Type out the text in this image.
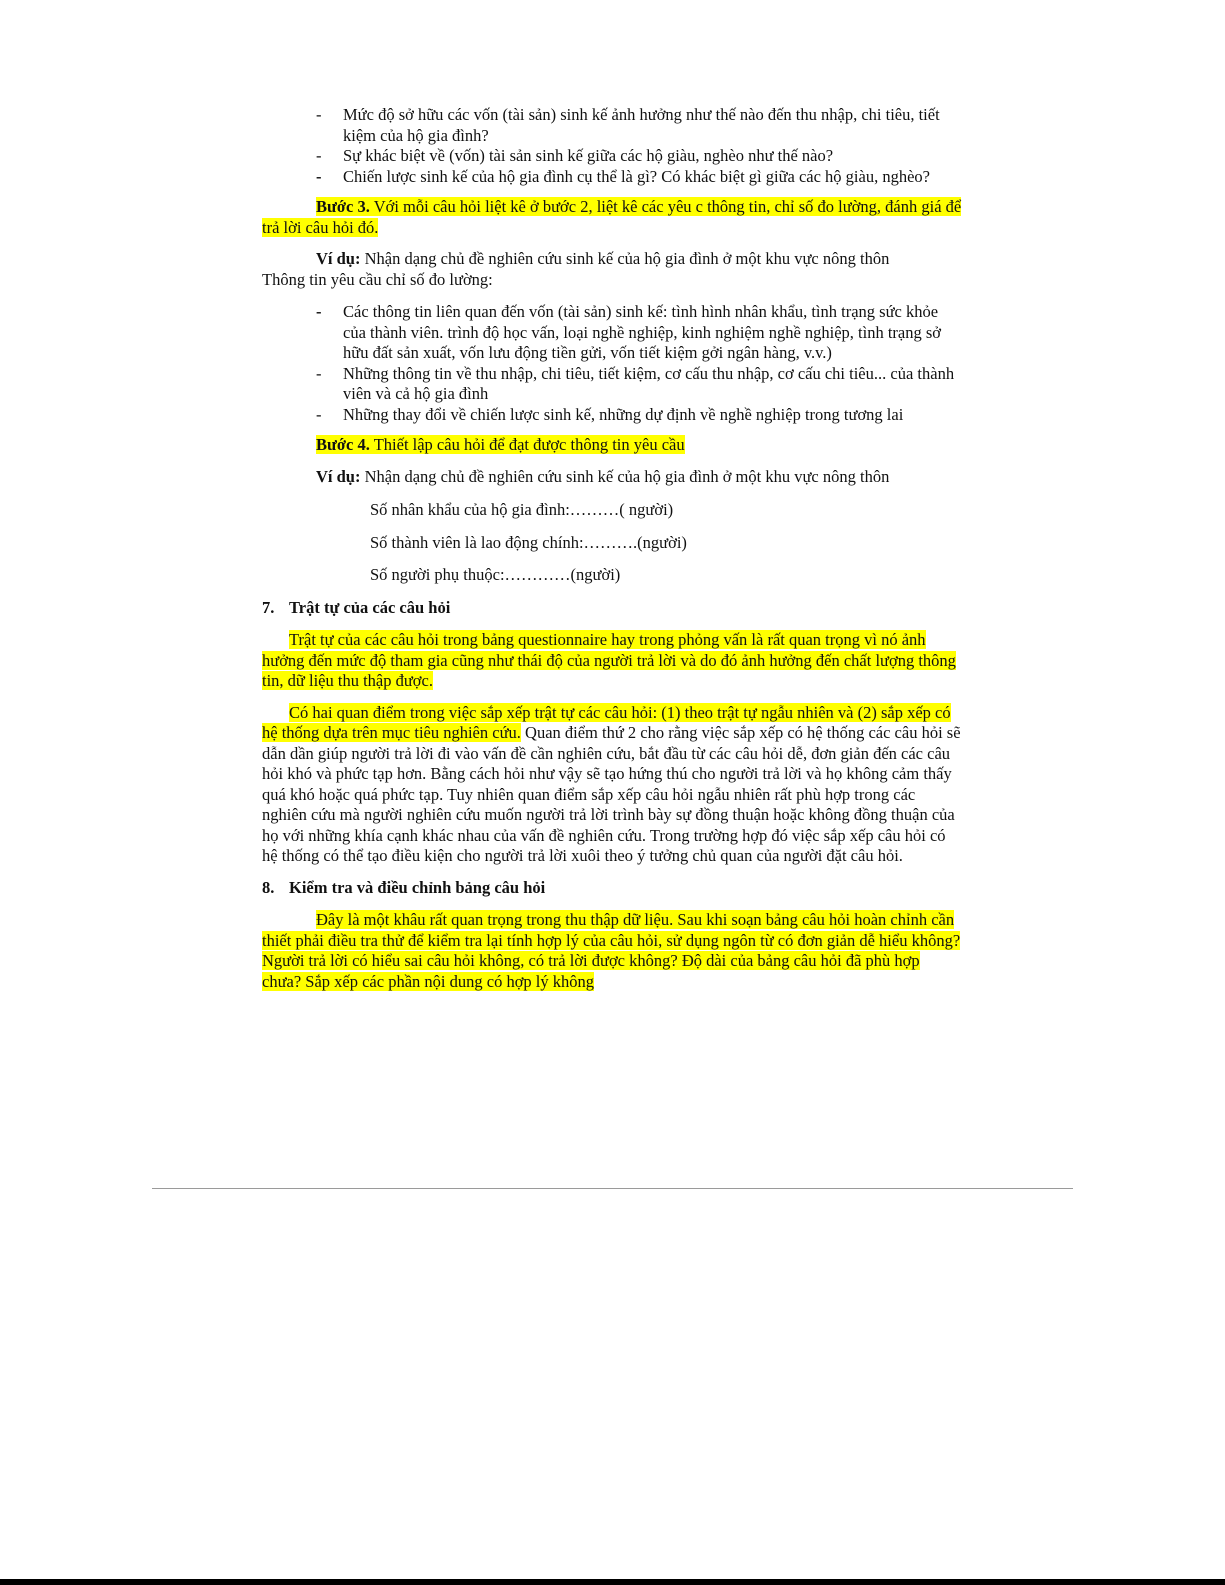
- Mức độ sở hữu các vốn (tài sản) sinh kế ảnh hưởng như thế nào đến thu nhập, chi tiêu, tiết kiệm của hộ gia đình?
- Sự khác biệt về (vốn) tài sản sinh kế giữa các hộ giàu, nghèo như thế nào?
- Chiến lược sinh kế của hộ gia đình cụ thể là gì? Có khác biệt gì giữa các hộ giàu, nghèo?

Bước 3. Với mỗi câu hỏi liệt kê ở bước 2, liệt kê các yêu c thông tin, chỉ số đo lường, đánh giá để trả lời câu hỏi đó.

Ví dụ: Nhận dạng chủ đề nghiên cứu sinh kế của hộ gia đình ở một khu vực nông thôn
Thông tin yêu cầu chỉ số đo lường:

- Các thông tin liên quan đến vốn (tài sản) sinh kế: tình hình nhân khẩu, tình trạng sức khỏe của thành viên. trình độ học vấn, loại nghề nghiệp, kinh nghiệm nghề nghiệp, tình trạng sở hữu đất sản xuất, vốn lưu động tiền gửi, vốn tiết kiệm gởi ngân hàng, v.v.)
- Những thông tin về thu nhập, chi tiêu, tiết kiệm, cơ cấu thu nhập, cơ cấu chi tiêu... của thành viên và cả hộ gia đình
- Những thay đổi về chiến lược sinh kế, những dự định về nghề nghiệp trong tương lai

Bước 4. Thiết lập câu hỏi để đạt được thông tin yêu cầu

Ví dụ: Nhận dạng chủ đề nghiên cứu sinh kế của hộ gia đình ở một khu vực nông thôn

Số nhân khẩu của hộ gia đình:………( người)

Số thành viên là lao động chính:……….(người)

Số người phụ thuộc:…………(người)

7. Trật tự của các câu hỏi

Trật tự của các câu hỏi trong bảng questionnaire hay trong phỏng vấn là rất quan trọng vì nó ảnh hưởng đến mức độ tham gia cũng như thái độ của người trả lời và do đó ảnh hưởng đến chất lượng thông tin, dữ liệu thu thập được.

Có hai quan điểm trong việc sắp xếp trật tự các câu hỏi: (1) theo trật tự ngẫu nhiên và (2) sắp xếp có hệ thống dựa trên mục tiêu nghiên cứu. Quan điểm thứ 2 cho rằng việc sắp xếp có hệ thống các câu hỏi sẽ dẫn dần giúp người trả lời đi vào vấn đề cần nghiên cứu, bắt đầu từ các câu hỏi dễ, đơn giản đến các câu hỏi khó và phức tạp hơn. Bằng cách hỏi như vậy sẽ tạo hứng thú cho người trả lời và họ không cảm thấy quá khó hoặc quá phức tạp. Tuy nhiên quan điểm sắp xếp câu hỏi ngẫu nhiên rất phù hợp trong các nghiên cứu mà người nghiên cứu muốn người trả lời trình bày sự đồng thuận hoặc không đồng thuận của họ với những khía cạnh khác nhau của vấn đề nghiên cứu. Trong trường hợp đó việc sắp xếp câu hỏi có hệ thống có thể tạo điều kiện cho người trả lời xuôi theo ý tưởng chủ quan của người đặt câu hỏi.

8. Kiểm tra và điều chỉnh bảng câu hỏi

Đây là một khâu rất quan trọng trong thu thập dữ liệu. Sau khi soạn bảng câu hỏi hoàn chỉnh cần thiết phải điều tra thử để kiểm tra lại tính hợp lý của câu hỏi, sử dụng ngôn từ có đơn giản dễ hiểu không? Người trả lời có hiểu sai câu hỏi không, có trả lời được không? Độ dài của bảng câu hỏi đã phù hợp chưa? Sắp xếp các phần nội dung có hợp lý không
